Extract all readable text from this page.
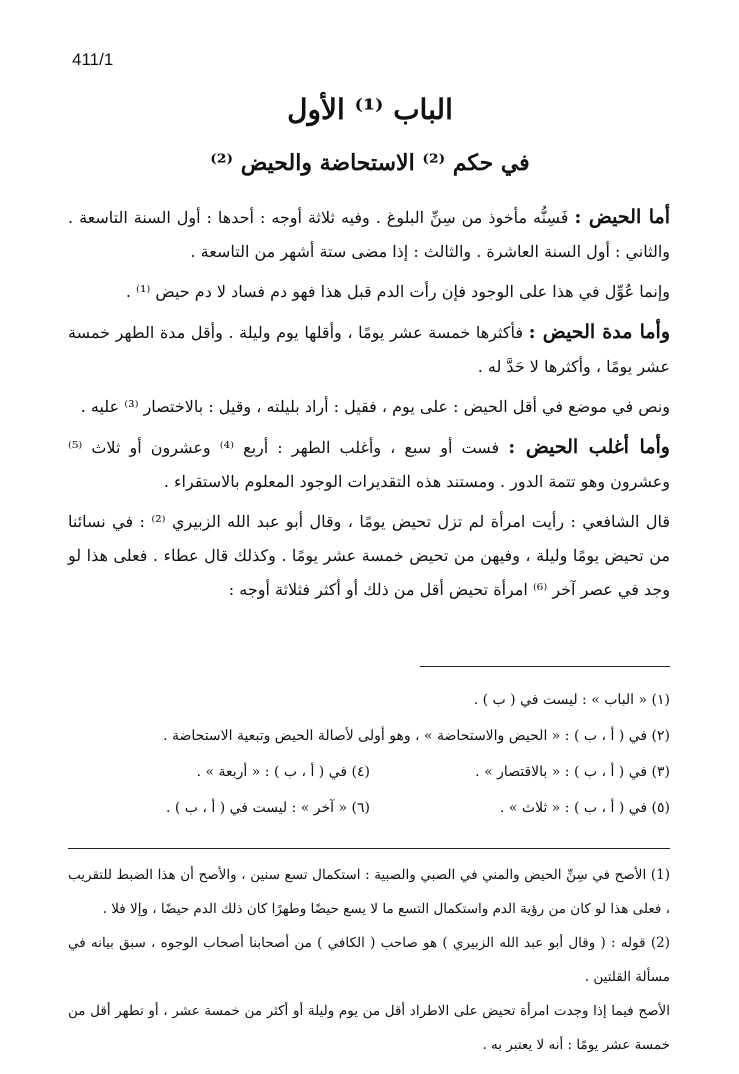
411/1
الباب ⁽¹⁾ الأول
في حكم ⁽²⁾ الاستحاضة والحيض ⁽²⁾

أما الحيض : فَسِنُّه مأخوذ من سِنِّ البلوغ . وفيه ثلاثة أوجه : أحدها : أول السنة التاسعة . والثاني : أول السنة العاشرة . والثالث : إذا مضى ستة أشهر من التاسعة .

وإنما عُوِّل في هذا على الوجود فإن رأت الدم قبل هذا فهو دم فساد لا دم حيض ⁽¹⁾ .

وأما مدة الحيض : فأكثرها خمسة عشر يومًا ، وأقلها يوم وليلة . وأقل مدة الطهر خمسة عشر يومًا ، وأكثرها لا حَدَّ له .

ونص في موضع في أقل الحيض : على يوم ، فقيل : أراد بليلته ، وقيل : بالاختصار ⁽³⁾ عليه .

وأما أغلب الحيض : فست أو سبع ، وأغلب الطهر : أربع ⁽⁴⁾ وعشرون أو ثلاث ⁽⁵⁾ وعشرون وهو تتمة الدور . ومستند هذه التقديرات الوجود المعلوم بالاستقراء .

قال الشافعي : رأيت امرأة لم تزل تحيض يومًا ، وقال أبو عبد الله الزبيري ⁽²⁾ : في نسائنا من تحيض يومًا وليلة ، وفيهن من تحيض خمسة عشر يومًا . وكذلك قال عطاء . فعلى هذا لو وجد في عصر آخر ⁽⁶⁾ امرأة تحيض أقل من ذلك أو أكثر فثلاثة أوجه :

(١) « الباب » : ليست في ( ب ) .
(٢) في ( أ ، ب ) : « الحيض والاستحاضة » ، وهو أولى لأصالة الحيض وتبعية الاستحاضة .
(٣) في ( أ ، ب ) : « بالاقتصار » .
(٤) في ( أ ، ب ) : « أربعة » .
(٥) في ( أ ، ب ) : « ثلاث » .
(٦) « آخر » : ليست في ( أ ، ب ) .

(1) الأصح في سِنِّ الحيض والمني في الصبي والصبية : استكمال تسع سنين ، والأصح أن هذا الضبط للتقريب ، فعلى هذا لو كان من رؤية الدم واستكمال التسع ما لا يسع حيضًا وطهرًا كان ذلك الدم حيضًا ، وإلا فلا .

(2) قوله : ( وقال أبو عبد الله الزبيري ) هو صاحب ( الكافي ) من أصحابنا أصحاب الوجوه ، سبق بيانه في مسألة القلتين .

الأصح فيما إذا وجدت امرأة تحيض على الاطراد أقل من يوم وليلة أو أكثر من خمسة عشر ، أو تطهر أقل من خمسة عشر يومًا : أنه لا يعتبر به .
